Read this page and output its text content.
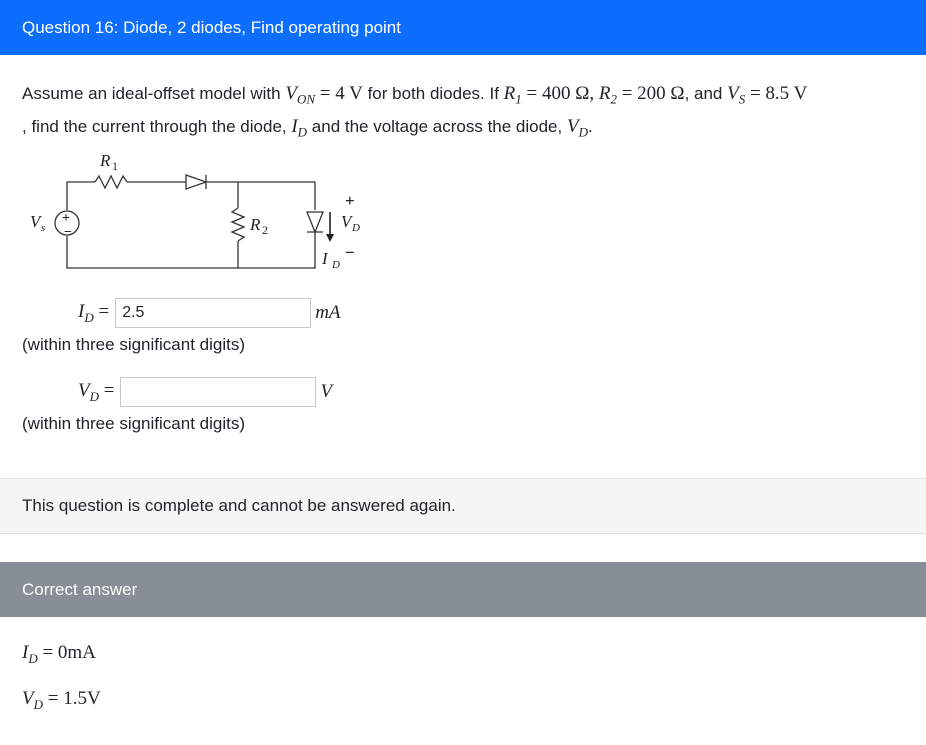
Question 16: Diode, 2 diodes, Find operating point
Assume an ideal-offset model with $V_{ON} = 4$ V for both diodes. If $R_1 = 400$ Ω, $R_2 = 200$ Ω, and $V_S = 8.5$ V
, find the current through the diode, $I_D$ and the voltage across the diode, $V_D$.
+
−
R 1
R 2
V s	V D
I D
+
−
$I_D$ =
2.5	mA
(within three significant digits)
$V_D$ =	V
(within three significant digits)
This question is complete and cannot be answered again.
Correct answer
$I_D = 0mA$
$V_D = 1.5V$
